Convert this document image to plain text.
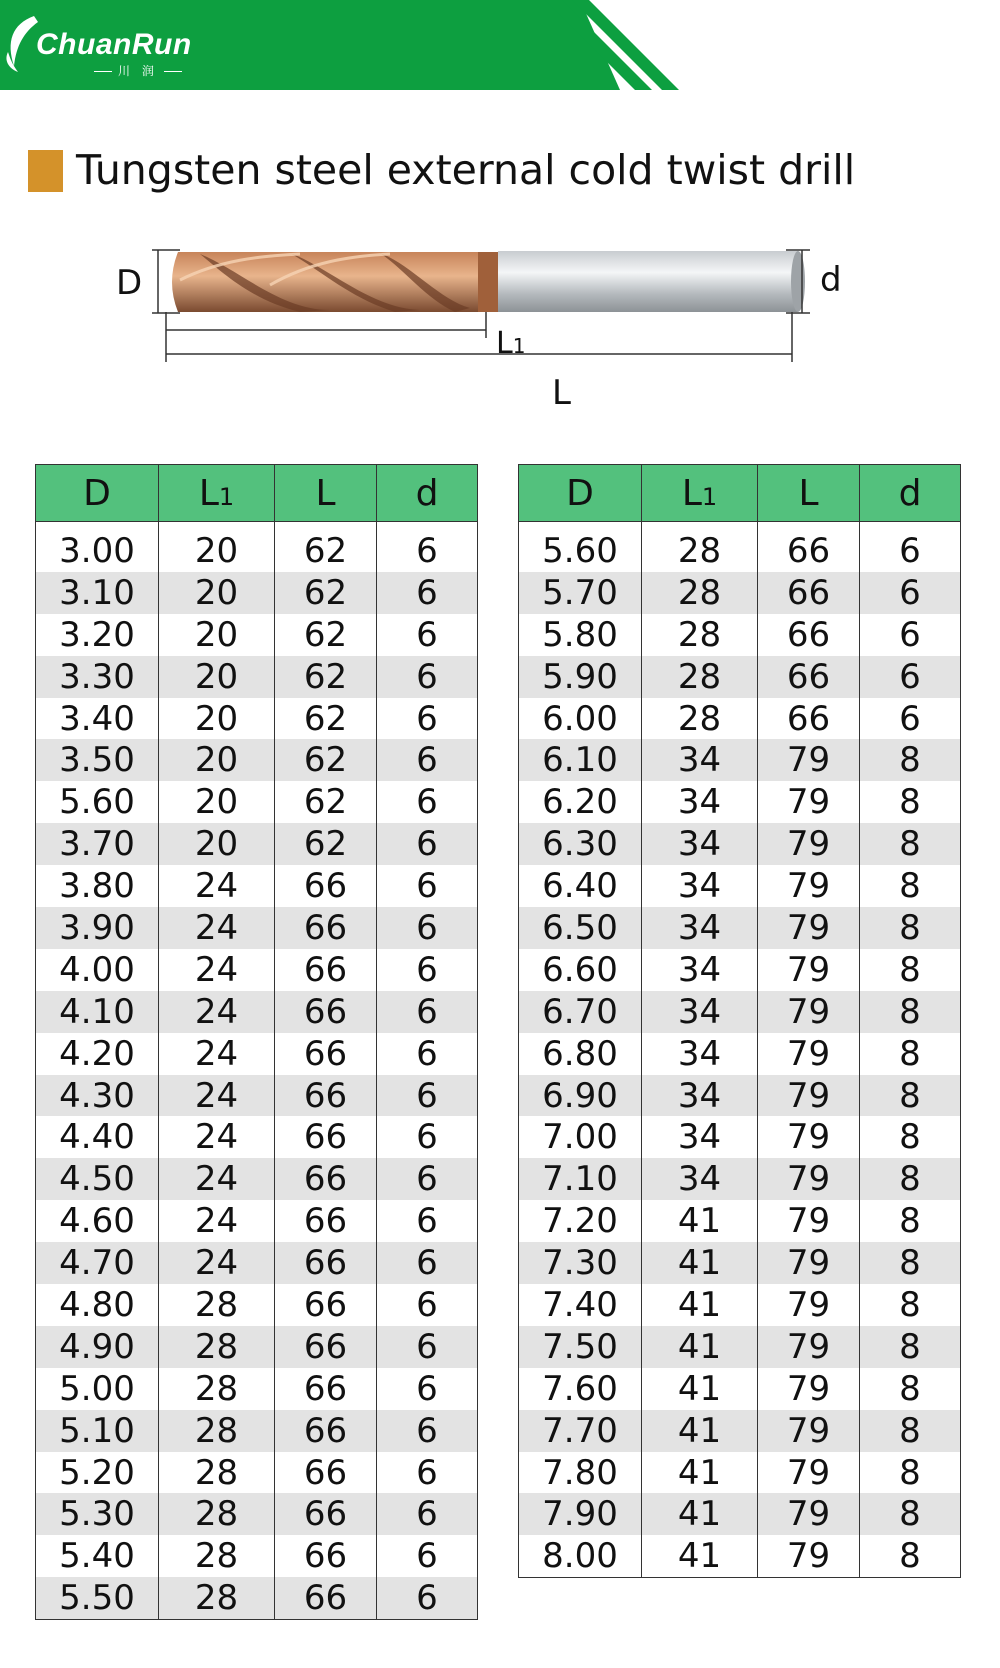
ChuanRun
川 润
Tungsten steel external cold twist drill
D	d
L1
L
D	L1	L	d
3.00	20	62	6
3.10	20	62	6
3.20	20	62	6
3.30	20	62	6
3.40	20	62	6
3.50	20	62	6
5.60	20	62	6
3.70	20	62	6
3.80	24	66	6
3.90	24	66	6
4.00	24	66	6
4.10	24	66	6
4.20	24	66	6
4.30	24	66	6
4.40	24	66	6
4.50	24	66	6
4.60	24	66	6
4.70	24	66	6
4.80	28	66	6
4.90	28	66	6
5.00	28	66	6
5.10	28	66	6
5.20	28	66	6
5.30	28	66	6
5.40	28	66	6
5.50	28	66	6
D	L1	L	d
5.60	28	66	6
5.70	28	66	6
5.80	28	66	6
5.90	28	66	6
6.00	28	66	6
6.10	34	79	8
6.20	34	79	8
6.30	34	79	8
6.40	34	79	8
6.50	34	79	8
6.60	34	79	8
6.70	34	79	8
6.80	34	79	8
6.90	34	79	8
7.00	34	79	8
7.10	34	79	8
7.20	41	79	8
7.30	41	79	8
7.40	41	79	8
7.50	41	79	8
7.60	41	79	8
7.70	41	79	8
7.80	41	79	8
7.90	41	79	8
8.00	41	79	8
